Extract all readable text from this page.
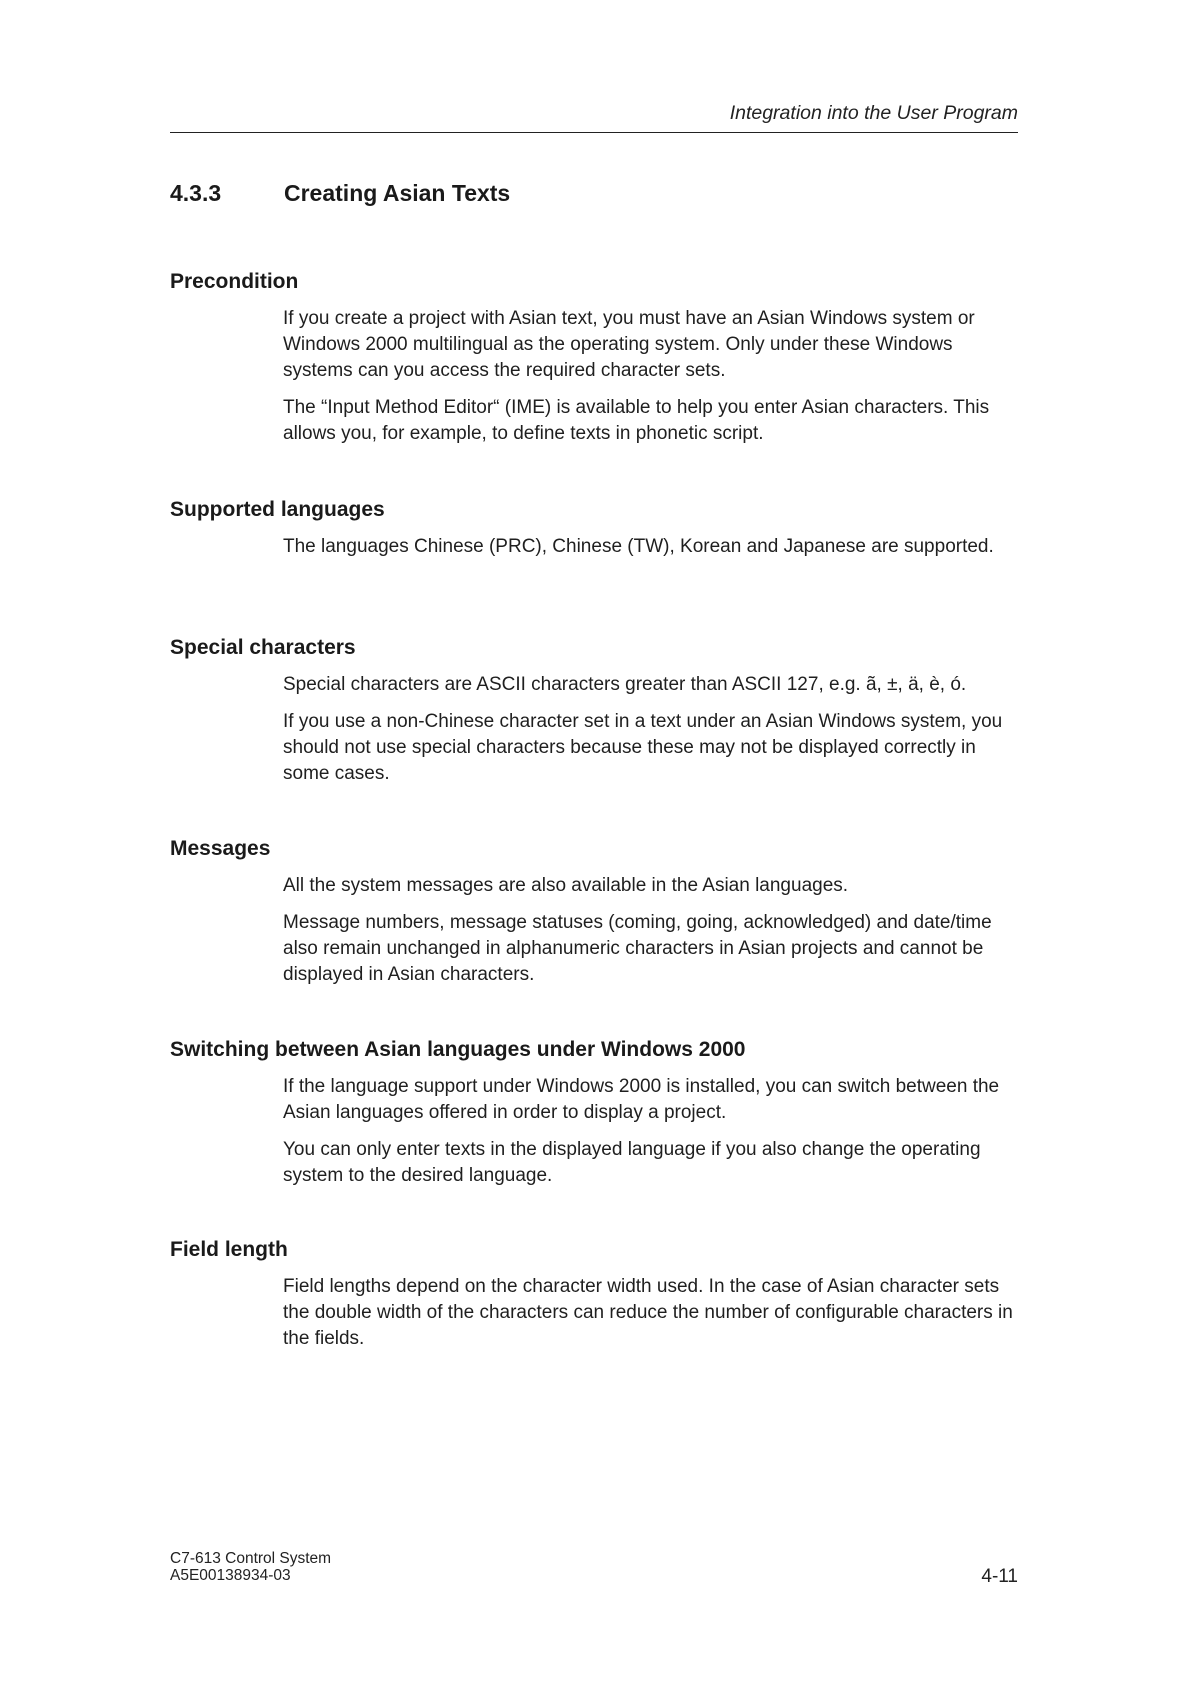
Integration into the User Program
4.3.3	Creating Asian Texts
Precondition

If you create a project with Asian text, you must have an Asian Windows system or Windows 2000 multilingual as the operating system. Only under these Windows systems can you access the required character sets.

The “Input Method Editor“ (IME) is available to help you enter Asian characters. This allows you, for example, to define texts in phonetic script.

Supported languages

The languages Chinese (PRC), Chinese (TW), Korean and Japanese are supported.

Special characters

Special characters are ASCII characters greater than ASCII 127, e.g. ã, ±, ä, è, ó.

If you use a non-Chinese character set in a text under an Asian Windows system, you should not use special characters because these may not be displayed correctly in some cases.

Messages

All the system messages are also available in the Asian languages.

Message numbers, message statuses (coming, going, acknowledged) and date/time also remain unchanged in alphanumeric characters in Asian projects and cannot be displayed in Asian characters.

Switching between Asian languages under Windows 2000

If the language support under Windows 2000 is installed, you can switch between the Asian languages offered in order to display a project.

You can only enter texts in the displayed language if you also change the operating system to the desired language.

Field length

Field lengths depend on the character width used. In the case of Asian character sets the double width of the characters can reduce the number of configurable characters in the fields.

C7-613 Control System
A5E00138934-03	4-11
